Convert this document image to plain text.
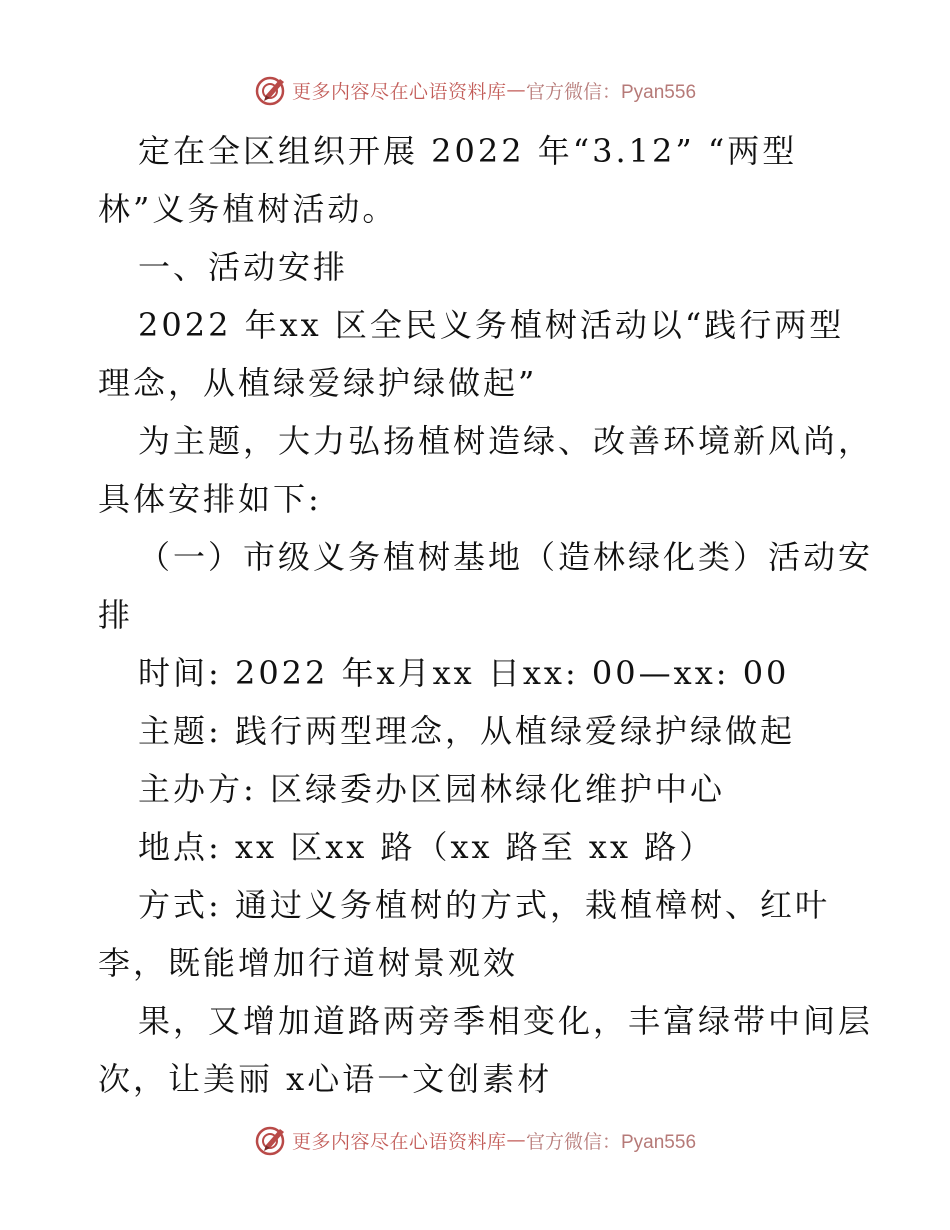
更多内容尽在心语资料库 — 官方微信：Pyan556
定在全区组织开展 2022 年“3.12” “两型
林”义务植树活动。
一、活动安排
2022 年xx 区全民义务植树活动以“践行两型
理念，从植绿爱绿护绿做起”
为主题，大力弘扬植树造绿、改善环境新风尚，
具体安排如下:
（一）市级义务植树基地（造林绿化类）活动安
排
时间: 2022 年x月xx 日xx: 00—xx: 00
主题: 践行两型理念，从植绿爱绿护绿做起
主办方: 区绿委办区园林绿化维护中心
地点: xx 区xx 路（xx 路至 xx 路）
方式: 通过义务植树的方式，栽植樟树、红叶
李，既能增加行道树景观效
果，又增加道路两旁季相变化，丰富绿带中间层
次，让美丽 x心语一文创素材
更多内容尽在心语资料库 — 官方微信：Pyan556
